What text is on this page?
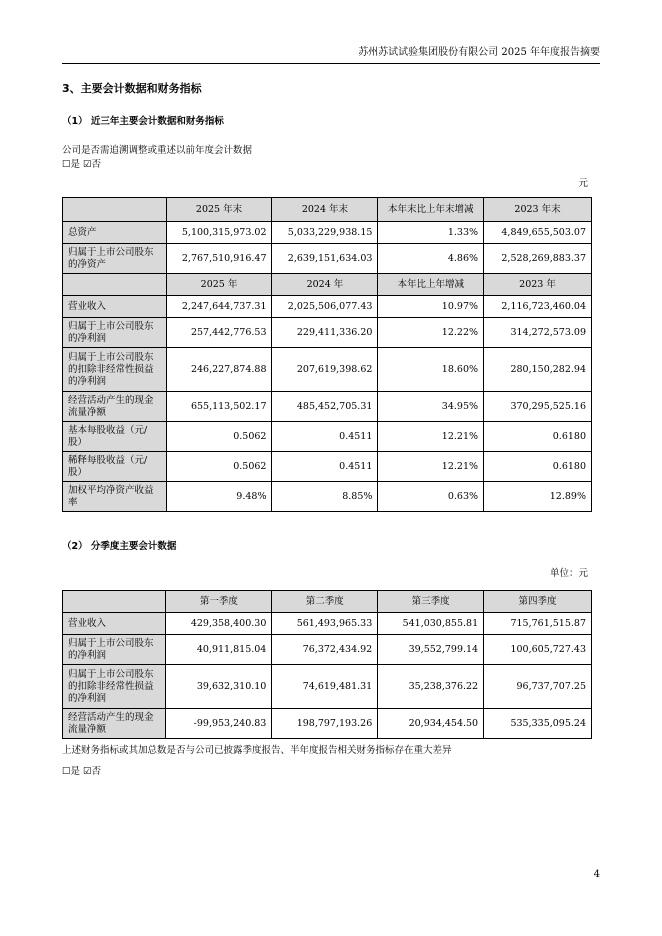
苏州苏试试验集团股份有限公司 2025 年年度报告摘要
3、主要会计数据和财务指标
（1） 近三年主要会计数据和财务指标
公司是否需追溯调整或重述以前年度会计数据
☐是 ☑否
元
	2025 年末	2024 年末	本年末比上年末增减	2023 年末
总资产	5,100,315,973.02	5,033,229,938.15	1.33%	4,849,655,503.07
归属于上市公司股东的净资产	2,767,510,916.47	2,639,151,634.03	4.86%	2,528,269,883.37
	2025 年	2024 年	本年比上年增减	2023 年
营业收入	2,247,644,737.31	2,025,506,077.43	10.97%	2,116,723,460.04
归属于上市公司股东的净利润	257,442,776.53	229,411,336.20	12.22%	314,272,573.09
归属于上市公司股东的扣除非经常性损益的净利润	246,227,874.88	207,619,398.62	18.60%	280,150,282.94
经营活动产生的现金流量净额	655,113,502.17	485,452,705.31	34.95%	370,295,525.16
基本每股收益（元/股）	0.5062	0.4511	12.21%	0.6180
稀释每股收益（元/股）	0.5062	0.4511	12.21%	0.6180
加权平均净资产收益率	9.48%	8.85%	0.63%	12.89%
（2） 分季度主要会计数据
单位：元
	第一季度	第二季度	第三季度	第四季度
营业收入	429,358,400.30	561,493,965.33	541,030,855.81	715,761,515.87
归属于上市公司股东的净利润	40,911,815.04	76,372,434.92	39,552,799.14	100,605,727.43
归属于上市公司股东的扣除非经常性损益的净利润	39,632,310.10	74,619,481.31	35,238,376.22	96,737,707.25
经营活动产生的现金流量净额	-99,953,240.83	198,797,193.26	20,934,454.50	535,335,095.24
上述财务指标或其加总数是否与公司已披露季度报告、半年度报告相关财务指标存在重大差异
☐是 ☑否
4
